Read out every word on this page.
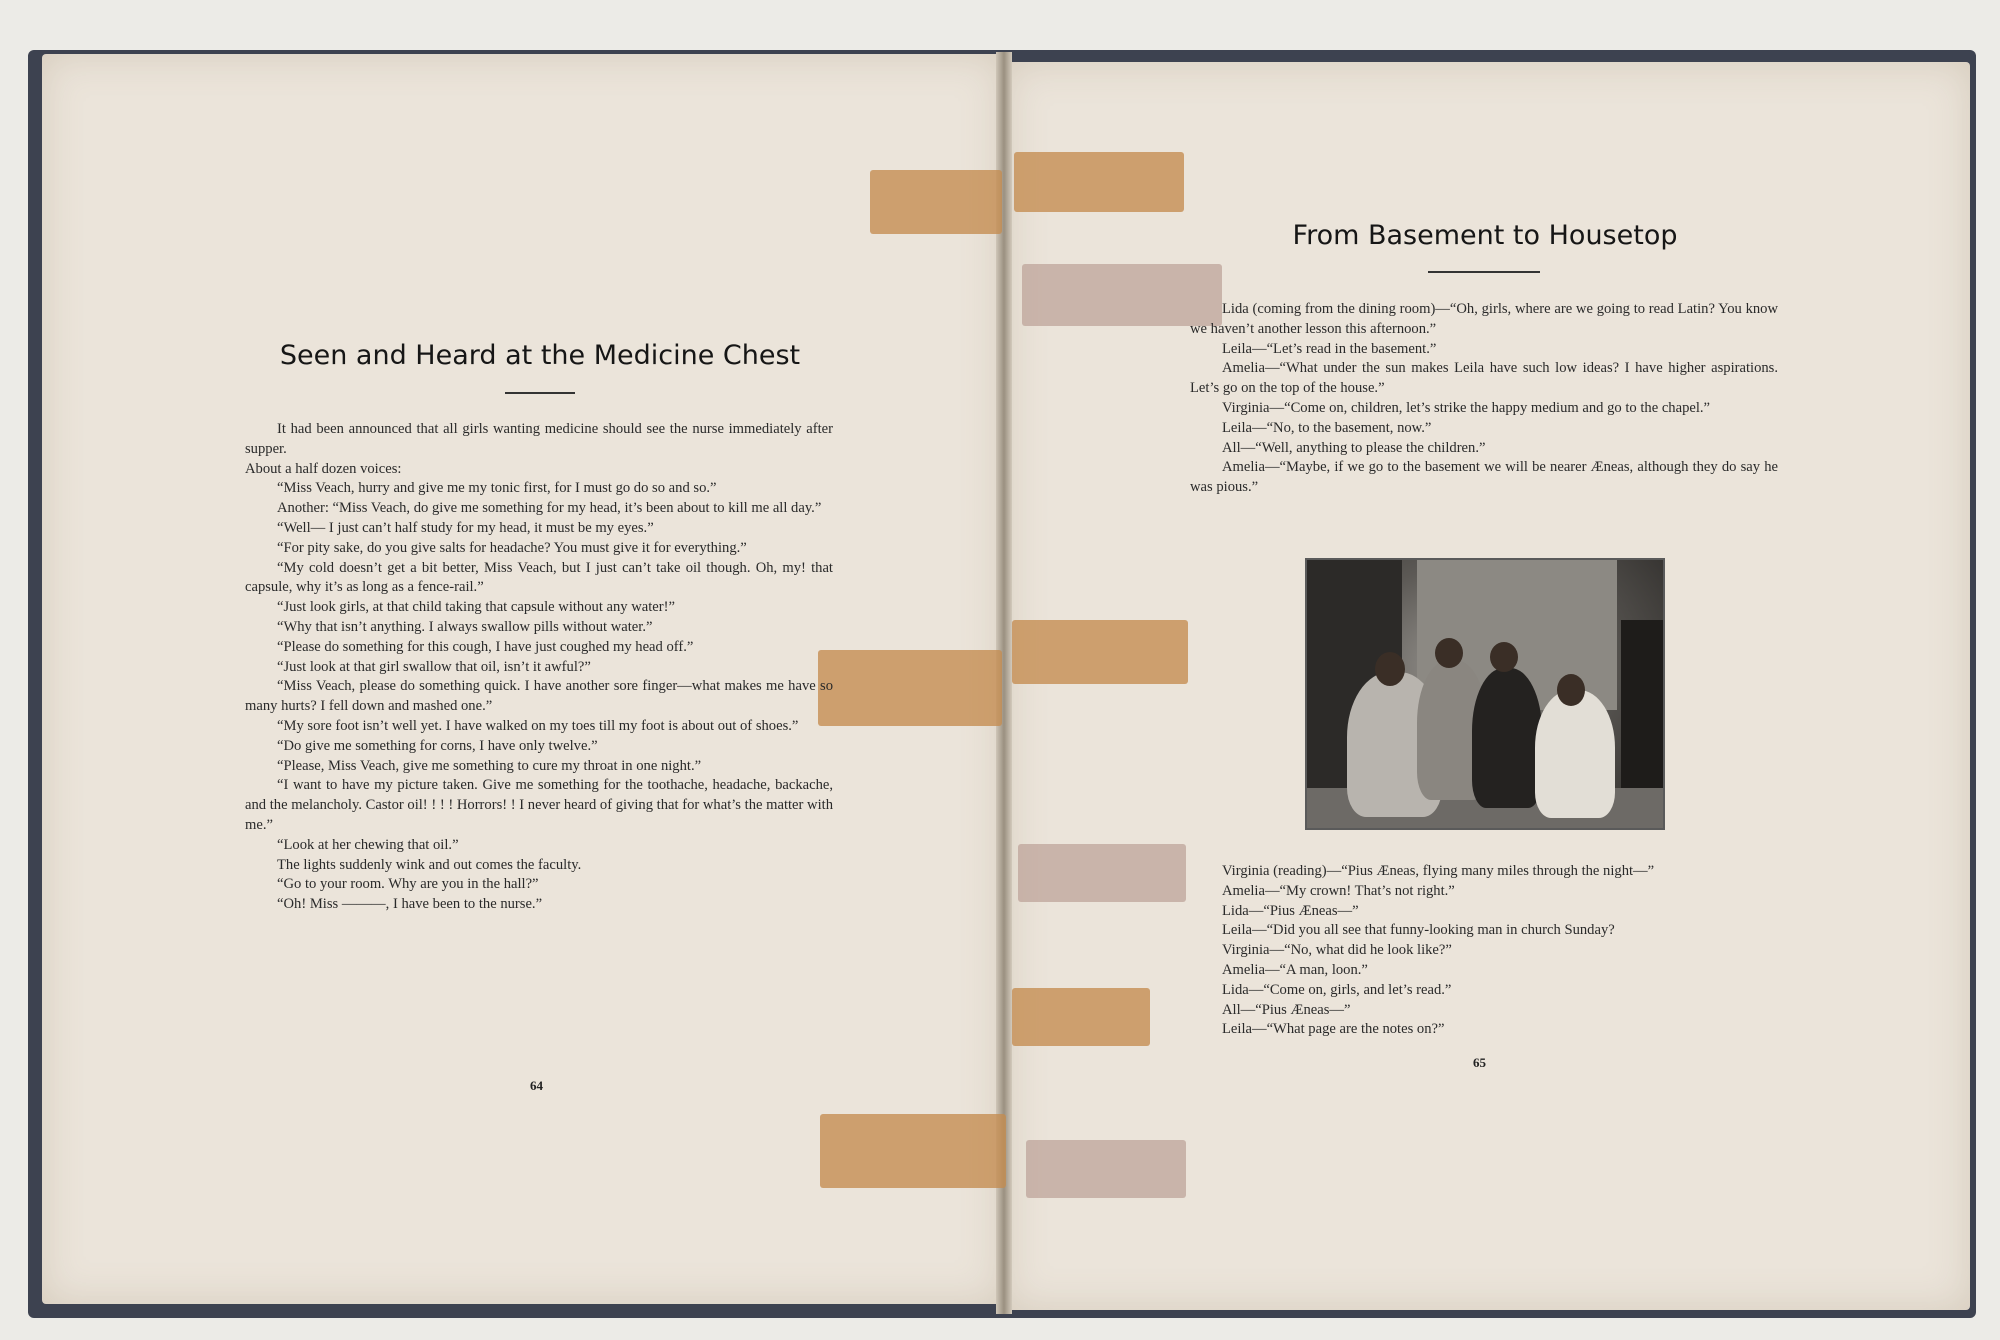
Seen and Heard at the Medicine Chest

It had been announced that all girls wanting medicine should see the nurse immediately after supper.

About a half dozen voices:

“Miss Veach, hurry and give me my tonic first, for I must go do so and so.”

Another: “Miss Veach, do give me something for my head, it’s been about to kill me all day.”

“Well— I just can’t half study for my head, it must be my eyes.”

“For pity sake, do you give salts for headache? You must give it for everything.”

“My cold doesn’t get a bit better, Miss Veach, but I just can’t take oil though. Oh, my! that capsule, why it’s as long as a fence-rail.”

“Just look girls, at that child taking that capsule without any water!”

“Why that isn’t anything. I always swallow pills without water.”

“Please do something for this cough, I have just coughed my head off.”

“Just look at that girl swallow that oil, isn’t it awful?”

“Miss Veach, please do something quick. I have another sore finger—what makes me have so many hurts? I fell down and mashed one.”

“My sore foot isn’t well yet. I have walked on my toes till my foot is about out of shoes.”

“Do give me something for corns, I have only twelve.”

“Please, Miss Veach, give me something to cure my throat in one night.”

“I want to have my picture taken. Give me something for the toothache, headache, backache, and the melancholy. Castor oil! ! ! ! Horrors! ! I never heard of giving that for what’s the matter with me.”

“Look at her chewing that oil.”

The lights suddenly wink and out comes the faculty.

“Go to your room. Why are you in the hall?”

“Oh! Miss ———, I have been to the nurse.”

64
From Basement to Housetop

Lida (coming from the dining room)—“Oh, girls, where are we going to read Latin? You know we haven’t another lesson this afternoon.”

Leila—“Let’s read in the basement.”

Amelia—“What under the sun makes Leila have such low ideas? I have higher aspirations. Let’s go on the top of the house.”

Virginia—“Come on, children, let’s strike the happy medium and go to the chapel.”

Leila—“No, to the basement, now.”

All—“Well, anything to please the children.”

Amelia—“Maybe, if we go to the basement we will be nearer Æneas, although they do say he was pious.”

Virginia (reading)—“Pius Æneas, flying many miles through the night—”

Amelia—“My crown! That’s not right.”

Lida—“Pius Æneas—”

Leila—“Did you all see that funny-looking man in church Sunday?

Virginia—“No, what did he look like?”

Amelia—“A man, loon.”

Lida—“Come on, girls, and let’s read.”

All—“Pius Æneas—”

Leila—“What page are the notes on?”

65
